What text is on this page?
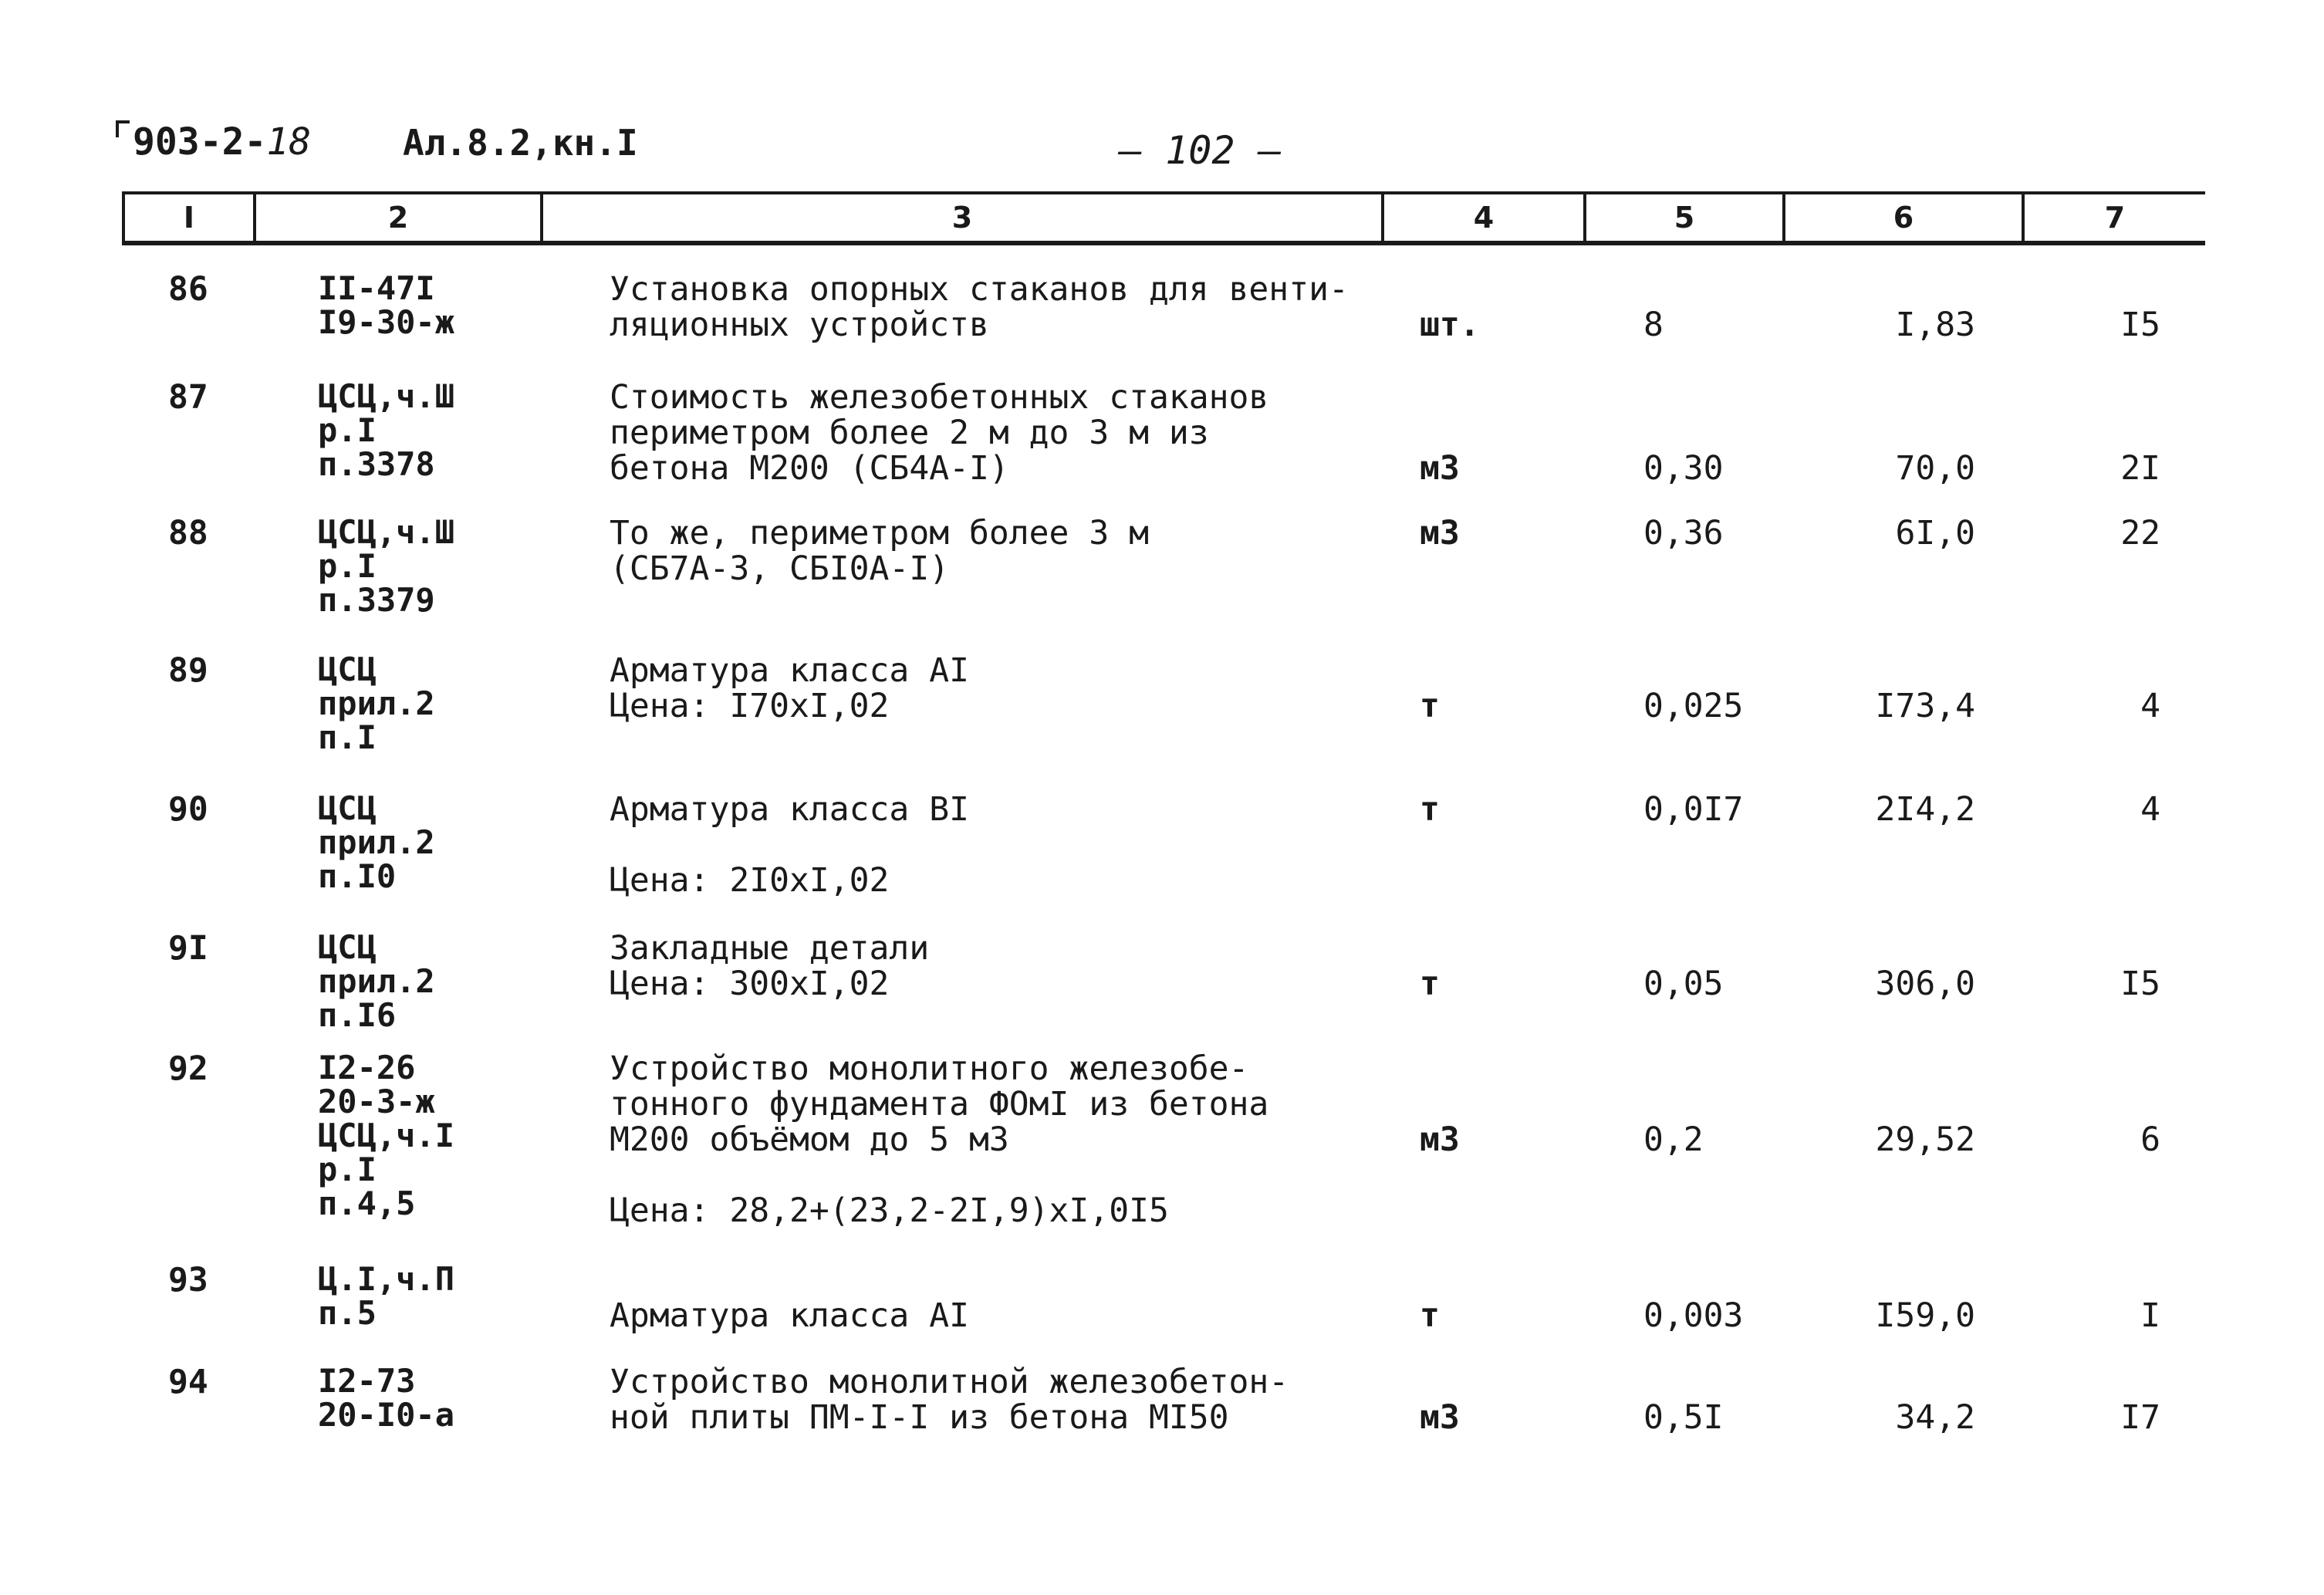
903-2-18	Ал.8.2,кн.I	— 102 —
I	2	3	4	5	6	7
86	II-47I
I9-30-ж
Установка опорных стаканов для венти-
ляционных устройств	шт.	8	I,83	I5
87	ЦСЦ,ч.Ш
р.I
п.3378
Стоимость железобетонных стаканов
периметром более 2 м до 3 м из
бетона М200 (СБ4А-I)	м3	0,30	70,0	2I
88	ЦСЦ,ч.Ш
р.I
п.3379
То же, периметром более 3 м
(СБ7А-3, СБI0А-I)
м3	0,36	6I,0	22
89	ЦСЦ
прил.2
п.I
Арматура класса АI
Цена: I70хI,02	т	0,025	I73,4	4
90	ЦСЦ
прил.2
п.I0
Арматура класса ВI

Цена: 2I0хI,02
т	0,0I7	2I4,2	4
9I	ЦСЦ
прил.2
п.I6
Закладные детали
Цена: 300хI,02	т	0,05	306,0	I5
92	I2-26
20-3-ж
ЦСЦ,ч.I
р.I
п.4,5
Устройство монолитного железобе-
тонного фундамента ФОмI из бетона
М200 объёмом до 5 м3

Цена: 28,2+(23,2-2I,9)хI,0I5
м3	0,2	29,52	6
93	Ц.I,ч.П
п.5
	Арматура класса АI	т	0,003	I59,0	I
94	I2-73
20-I0-а
Устройство монолитной железобетон-
ной плиты ПМ-I-I из бетона МI50	м3	0,5I	34,2	I7
